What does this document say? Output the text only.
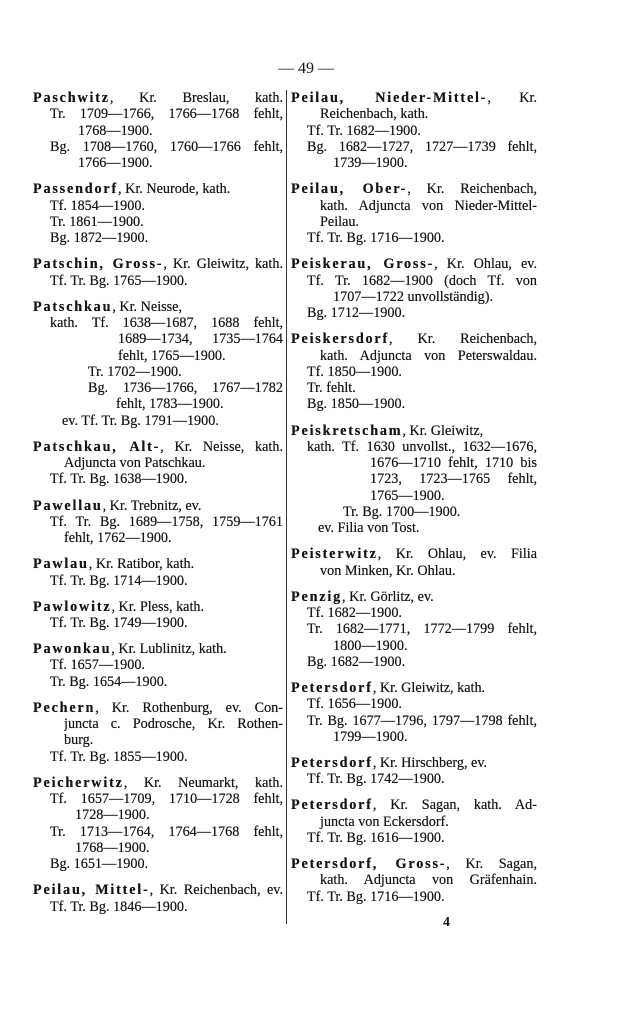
— 49 —
Paschwitz, Kr. Breslau, kath.
Tr. 1709—1766, 1766—1768 fehlt,
1768—1900.
Bg. 1708—1760, 1760—1766 fehlt,
1766—1900.
Passendorf, Kr. Neurode, kath.
Tf. 1854—1900.
Tr. 1861—1900.
Bg. 1872—1900.
Patschin, Gross-, Kr. Gleiwitz, kath.
Tf. Tr. Bg. 1765—1900.
Patschkau, Kr. Neisse,
kath. Tf. 1638—1687, 1688 fehlt,
1689—1734, 1735—1764
fehlt, 1765—1900.
Tr. 1702—1900.
Bg. 1736—1766, 1767—1782
fehlt, 1783—1900.
ev. Tf. Tr. Bg. 1791—1900.
Patschkau, Alt-, Kr. Neisse, kath.
Adjuncta von Patschkau.
Tf. Tr. Bg. 1638—1900.
Pawellau, Kr. Trebnitz, ev.
Tf. Tr. Bg. 1689—1758, 1759—1761
fehlt, 1762—1900.
Pawlau, Kr. Ratibor, kath.
Tf. Tr. Bg. 1714—1900.
Pawlowitz, Kr. Pless, kath.
Tf. Tr. Bg. 1749—1900.
Pawonkau, Kr. Lublinitz, kath.
Tf. 1657—1900.
Tr. Bg. 1654—1900.
Pechern, Kr. Rothenburg, ev. Con-
juncta c. Podrosche, Kr. Rothen-
burg.
Tf. Tr. Bg. 1855—1900.
Peicherwitz, Kr. Neumarkt, kath.
Tf. 1657—1709, 1710—1728 fehlt,
1728—1900.
Tr. 1713—1764, 1764—1768 fehlt,
1768—1900.
Bg. 1651—1900.
Peilau, Mittel-, Kr. Reichenbach, ev.
Tf. Tr. Bg. 1846—1900.
Peilau, Nieder-Mittel-, Kr.
Reichenbach, kath.
Tf. Tr. 1682—1900.
Bg. 1682—1727, 1727—1739 fehlt,
1739—1900.
Peilau, Ober-, Kr. Reichenbach,
kath. Adjuncta von Nieder-Mittel-
Peilau.
Tf. Tr. Bg. 1716—1900.
Peiskerau, Gross-, Kr. Ohlau, ev.
Tf. Tr. 1682—1900 (doch Tf. von
1707—1722 unvollständig).
Bg. 1712—1900.
Peiskersdorf, Kr. Reichenbach,
kath. Adjuncta von Peterswaldau.
Tf. 1850—1900.
Tr. fehlt.
Bg. 1850—1900.
Peiskretscham, Kr. Gleiwitz,
kath. Tf. 1630 unvollst., 1632—1676,
1676—1710 fehlt, 1710 bis
1723, 1723—1765 fehlt,
1765—1900.
Tr. Bg. 1700—1900.
ev. Filia von Tost.
Peisterwitz, Kr. Ohlau, ev. Filia
von Minken, Kr. Ohlau.
Penzig, Kr. Görlitz, ev.
Tf. 1682—1900.
Tr. 1682—1771, 1772—1799 fehlt,
1800—1900.
Bg. 1682—1900.
Petersdorf, Kr. Gleiwitz, kath.
Tf. 1656—1900.
Tr. Bg. 1677—1796, 1797—1798 fehlt,
1799—1900.
Petersdorf, Kr. Hirschberg, ev.
Tf. Tr. Bg. 1742—1900.
Petersdorf, Kr. Sagan, kath. Ad-
juncta von Eckersdorf.
Tf. Tr. Bg. 1616—1900.
Petersdorf, Gross-, Kr. Sagan,
kath. Adjuncta von Gräfenhain.
Tf. Tr. Bg. 1716—1900.
4
